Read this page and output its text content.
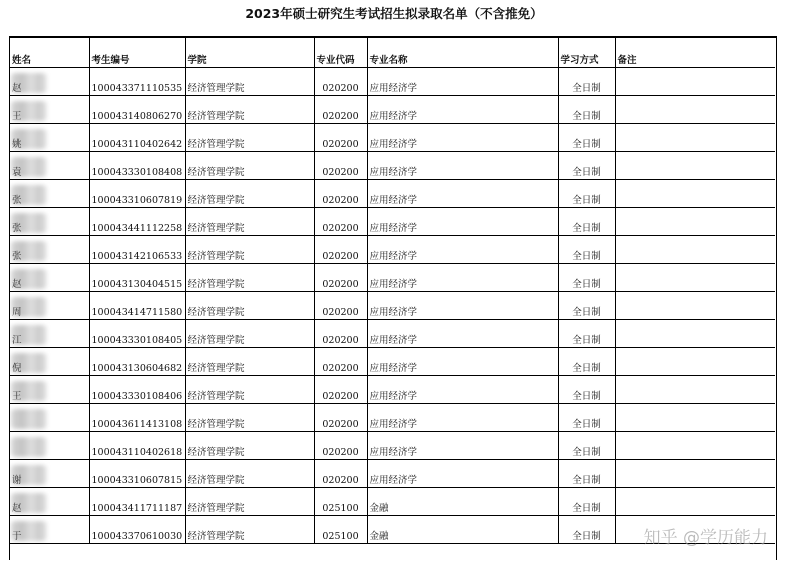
2023年硕士研究生考试招生拟录取名单（不含推免）
姓名	考生编号	学院	专业代码	专业名称	学习方式	备注

赵	100043371110535	经济管理学院	020200	应用经济学	全日制	

王	100043140806270	经济管理学院	020200	应用经济学	全日制	

姚	100043110402642	经济管理学院	020200	应用经济学	全日制	

袁	100043330108408	经济管理学院	020200	应用经济学	全日制	

张	100043310607819	经济管理学院	020200	应用经济学	全日制	

张	100043441112258	经济管理学院	020200	应用经济学	全日制	

张	100043142106533	经济管理学院	020200	应用经济学	全日制	

赵	100043130404515	经济管理学院	020200	应用经济学	全日制	

周	100043414711580	经济管理学院	020200	应用经济学	全日制	

江	100043330108405	经济管理学院	020200	应用经济学	全日制	

倪	100043130604682	经济管理学院	020200	应用经济学	全日制	

王	100043330108406	经济管理学院	020200	应用经济学	全日制	

	100043611413108	经济管理学院	020200	应用经济学	全日制	

	100043110402618	经济管理学院	020200	应用经济学	全日制	

谢	100043310607815	经济管理学院	020200	应用经济学	全日制	

赵	100043411711187	经济管理学院	025100	金融	全日制	

于	100043370610030	经济管理学院	025100	金融	全日制		知乎 @学历能力
